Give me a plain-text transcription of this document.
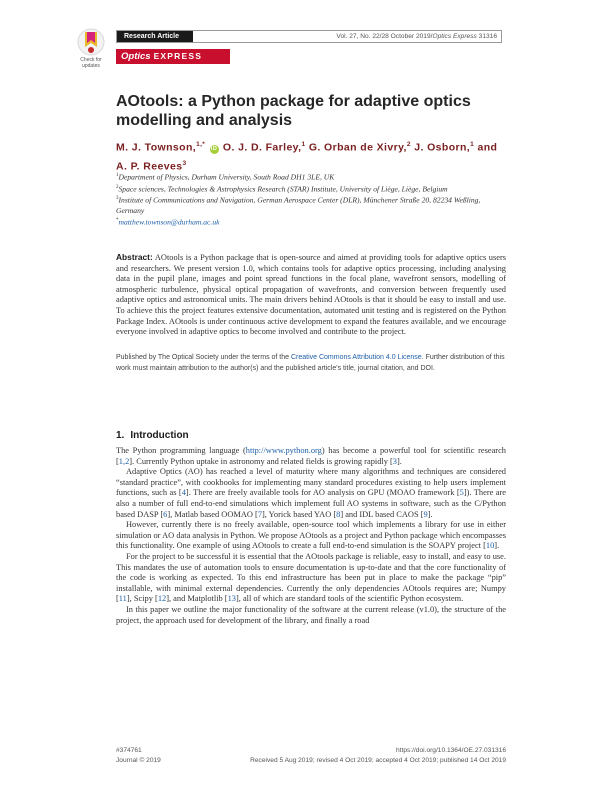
Check for
updates
Research Article	Vol. 27, No. 22/28 October 2019/Optics Express 31316
Optics EXPRESS
AOtools: a Python package for adaptive optics modelling and analysis
M. J. Townson,$^{1,*}$ iD O. J. D. Farley,$^1$ G. Orban de Xivry,$^2$ J. Osborn,$^1$ and A. P. Reeves$^3$
$^1$Department of Physics, Durham University, South Road DH1 3LE, UK
$^2$Space sciences, Technologies & Astrophysics Research (STAR) Institute, University of Liège, Liège, Belgium
$^3$Institute of Communications and Navigation, German Aerospace Center (DLR), Münchener Straße 20, 82234 Weßling, Germany
*matthew.townson@durham.ac.uk
Abstract: AOtools is a Python package that is open-source and aimed at providing tools for adaptive optics users and researchers. We present version 1.0, which contains tools for adaptive optics processing, including analysing data in the pupil plane, images and point spread functions in the focal plane, wavefront sensors, modelling of atmospheric turbulence, physical optical propagation of wavefronts, and conversion between frequently used adaptive optics and astronomical units. The main drivers behind AOtools is that it should be easy to install and use. To achieve this the project features extensive documentation, automated unit testing and is registered on the Python Package Index. AOtools is under continuous active development to expand the features available, and we encourage everyone involved in adaptive optics to become involved and contribute to the project.
Published by The Optical Society under the terms of the Creative Commons Attribution 4.0 License. Further distribution of this work must maintain attribution to the author(s) and the published article's title, journal citation, and DOI.
1. Introduction

The Python programming language (http://www.python.org) has become a powerful tool for scientific research [1,2]. Currently Python uptake in astronomy and related fields is growing rapidly [3].

Adaptive Optics (AO) has reached a level of maturity where many algorithms and techniques are considered “standard practice”, with cookbooks for implementing many standard procedures existing to help users implement functions, such as [4]. There are freely available tools for AO analysis on GPU (MOAO framework [5]). There are also a number of full end-to-end simulations which implement full AO systems in software, such as the C/Python based DASP [6], Matlab based OOMAO [7], Yorick based YAO [8] and IDL based CAOS [9].

However, currently there is no freely available, open-source tool which implements a library for use in either simulation or AO data analysis in Python. We propose AOtools as a project and Python package which encompasses this functionality. One example of using AOtools to create a full end-to-end simulation is the SOAPY project [10].

For the project to be successful it is essential that the AOtools package is reliable, easy to install, and easy to use. This mandates the use of automation tools to ensure documentation is up-to-date and that the core functionality of the code is working as expected. To this end infrastructure has been put in place to make the package “pip” installable, with minimal external dependencies. Currently the only dependencies AOtools requires are; Numpy [11], Scipy [12], and Matplotlib [13], all of which are standard tools of the scientific Python ecosystem.

In this paper we outline the major functionality of the software at the current release (v1.0), the structure of the project, the approach used for development of the library, and finally a road

#374761
Journal © 2019
https://doi.org/10.1364/OE.27.031316
Received 5 Aug 2019; revised 4 Oct 2019; accepted 4 Oct 2019; published 14 Oct 2019
